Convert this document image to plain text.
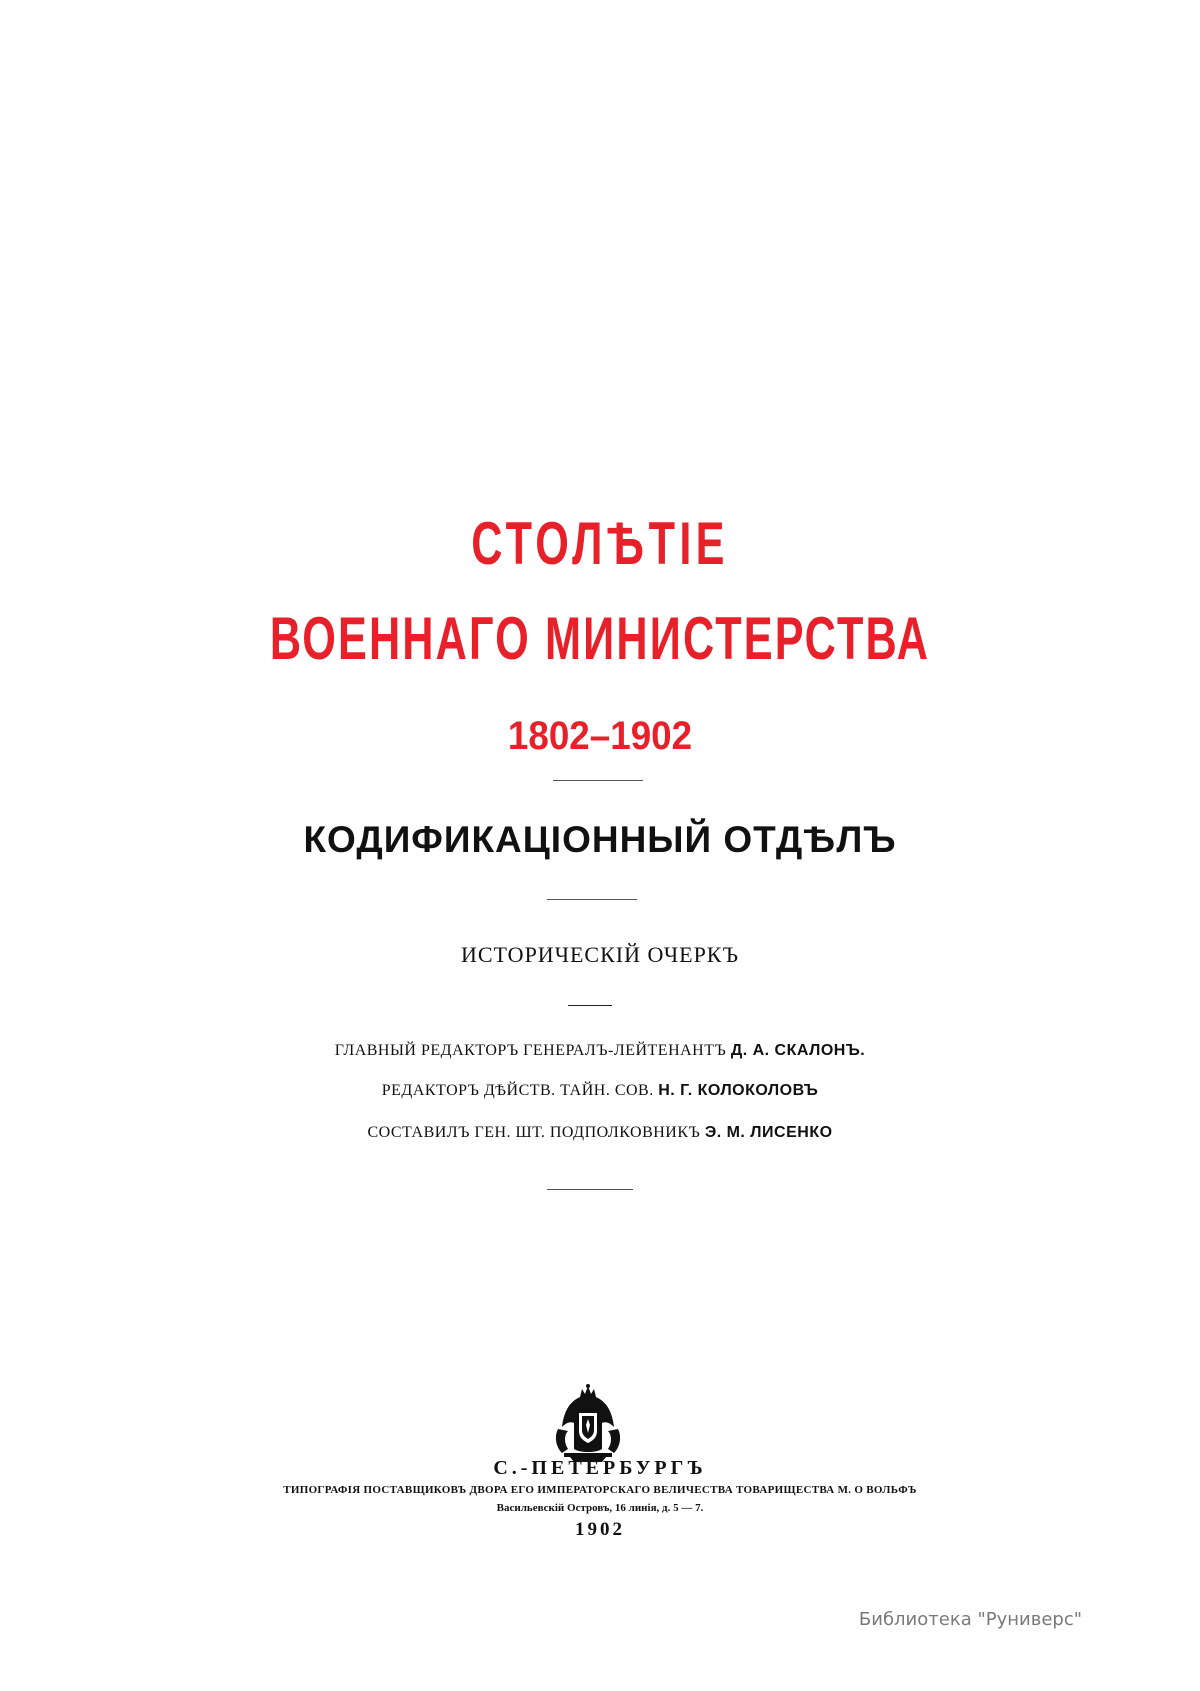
СТОЛѢТІЕ
ВОЕННАГО МИНИСТЕРСТВА
1802–1902
КОДИФИКАЦІОННЫЙ ОТДѢЛЪ
ИСТОРИЧЕСКІЙ ОЧЕРКЪ
ГЛАВНЫЙ РЕДАКТОРЪ ГЕНЕРАЛЪ-ЛЕЙТЕНАНТЪ Д. А. СКАЛОНЪ.
РЕДАКТОРЪ ДѢЙСТВ. ТАЙН. СОВ. Н. Г. КОЛОКОЛОВЪ
СОСТАВИЛЪ ГЕН. ШТ. ПОДПОЛКОВНИКЪ Э. М. ЛИСЕНКО
С.-ПЕТЕРБУРГЪ
ТИПОГРАФІЯ ПОСТАВЩИКОВЪ ДВОРА ЕГО ИМПЕРАТОРСКАГО ВЕЛИЧЕСТВА ТОВАРИЩЕСТВА М. О ВОЛЬФЪ
Васильевскій Островъ, 16 линія, д. 5 — 7.
1902
Библиотека "Руниверс"
